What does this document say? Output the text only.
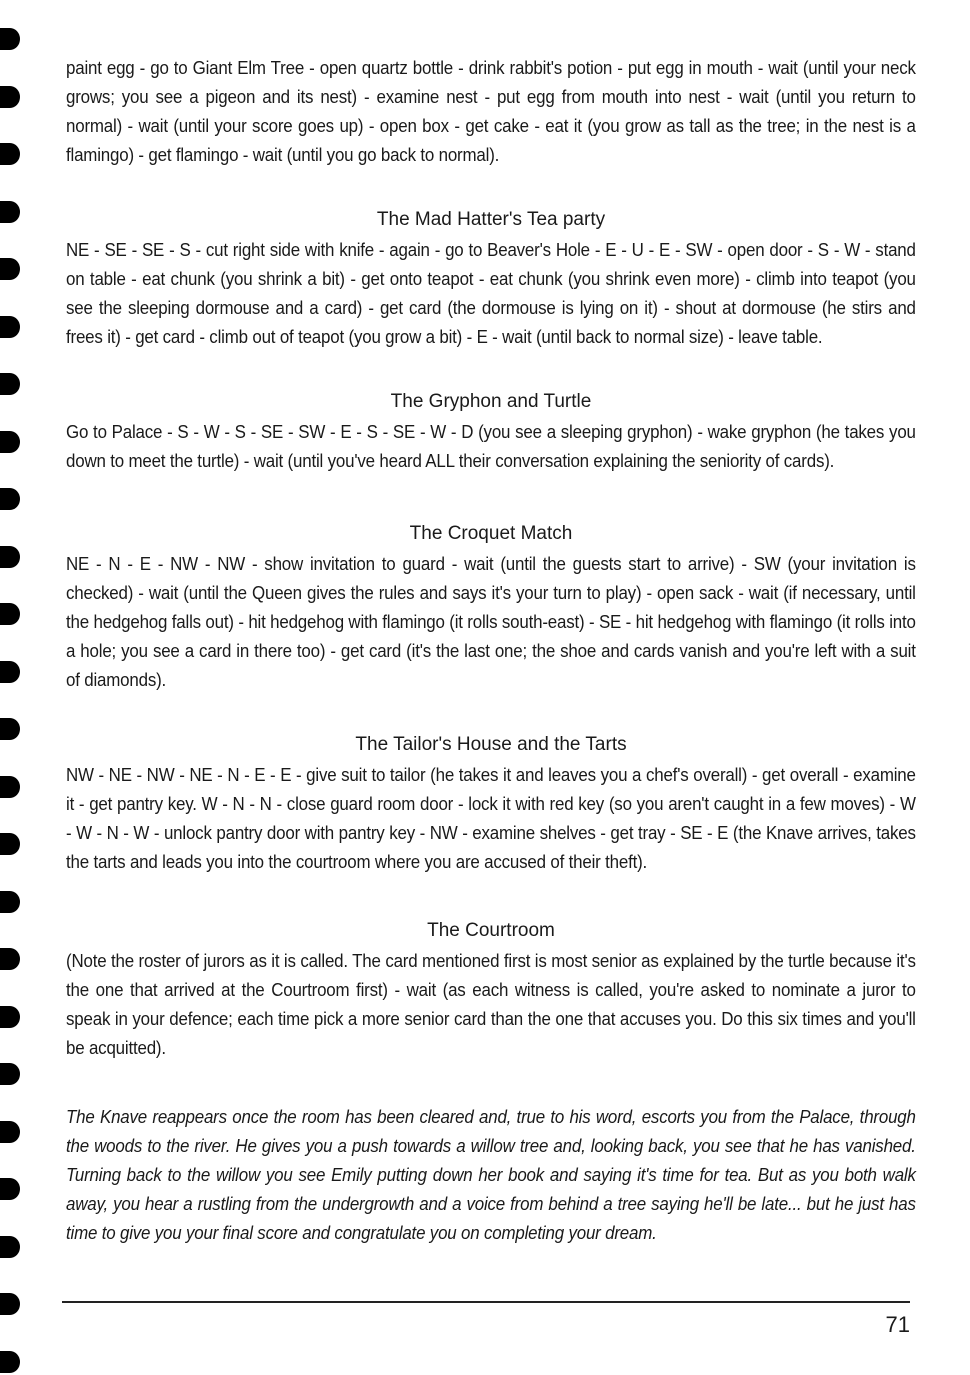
paint egg - go to Giant Elm Tree - open quartz bottle - drink rabbit's potion - put egg in mouth - wait (until your neck grows; you see a pigeon and its nest) - examine nest - put egg from mouth into nest - wait (until you return to normal) - wait (until your score goes up) - open box - get cake - eat it (you grow as tall as the tree; in the nest is a flamingo) - get flamingo - wait (until you go back to normal).

The Mad Hatter's Tea party

NE - SE - SE - S - cut right side with knife - again - go to Beaver's Hole - E - U - E - SW - open door - S - W - stand on table - eat chunk (you shrink a bit) - get onto teapot - eat chunk (you shrink even more) - climb into teapot (you see the sleeping dormouse and a card) - get card (the dormouse is lying on it) - shout at dormouse (he stirs and frees it) - get card - climb out of teapot (you grow a bit) - E - wait (until back to normal size) - leave table.

The Gryphon and Turtle

Go to Palace - S - W - S - SE - SW - E - S - SE - W - D (you see a sleeping gryphon) - wake gryphon (he takes you down to meet the turtle) - wait (until you've heard ALL their conversation explaining the seniority of cards).

The Croquet Match

NE - N - E - NW - NW - show invitation to guard - wait (until the guests start to arrive) - SW (your invitation is checked) - wait (until the Queen gives the rules and says it's your turn to play) - open sack - wait (if necessary, until the hedgehog falls out) - hit hedgehog with flamingo (it rolls south-east) - SE - hit hedgehog with flamingo (it rolls into a hole; you see a card in there too) - get card (it's the last one; the shoe and cards vanish and you're left with a suit of diamonds).

The Tailor's House and the Tarts

NW - NE - NW - NE - N - E - E - give suit to tailor (he takes it and leaves you a chef's overall) - get overall - examine it - get pantry key. W - N - N - close guard room door - lock it with red key (so you aren't caught in a few moves) - W - W - N - W - unlock pantry door with pantry key - NW - examine shelves - get tray - SE - E (the Knave arrives, takes the tarts and leads you into the courtroom where you are accused of their theft).

The Courtroom

(Note the roster of jurors as it is called. The card mentioned first is most senior as explained by the turtle because it's the one that arrived at the Courtroom first) - wait (as each witness is called, you're asked to nominate a juror to speak in your defence; each time pick a more senior card than the one that accuses you. Do this six times and you'll be acquitted).

The Knave reappears once the room has been cleared and, true to his word, escorts you from the Palace, through the woods to the river. He gives you a push towards a willow tree and, looking back, you see that he has vanished. Turning back to the willow you see Emily putting down her book and saying it's time for tea. But as you both walk away, you hear a rustling from the undergrowth and a voice from behind a tree saying he'll be late... but he just has time to give you your final score and congratulate you on completing your dream.

71
